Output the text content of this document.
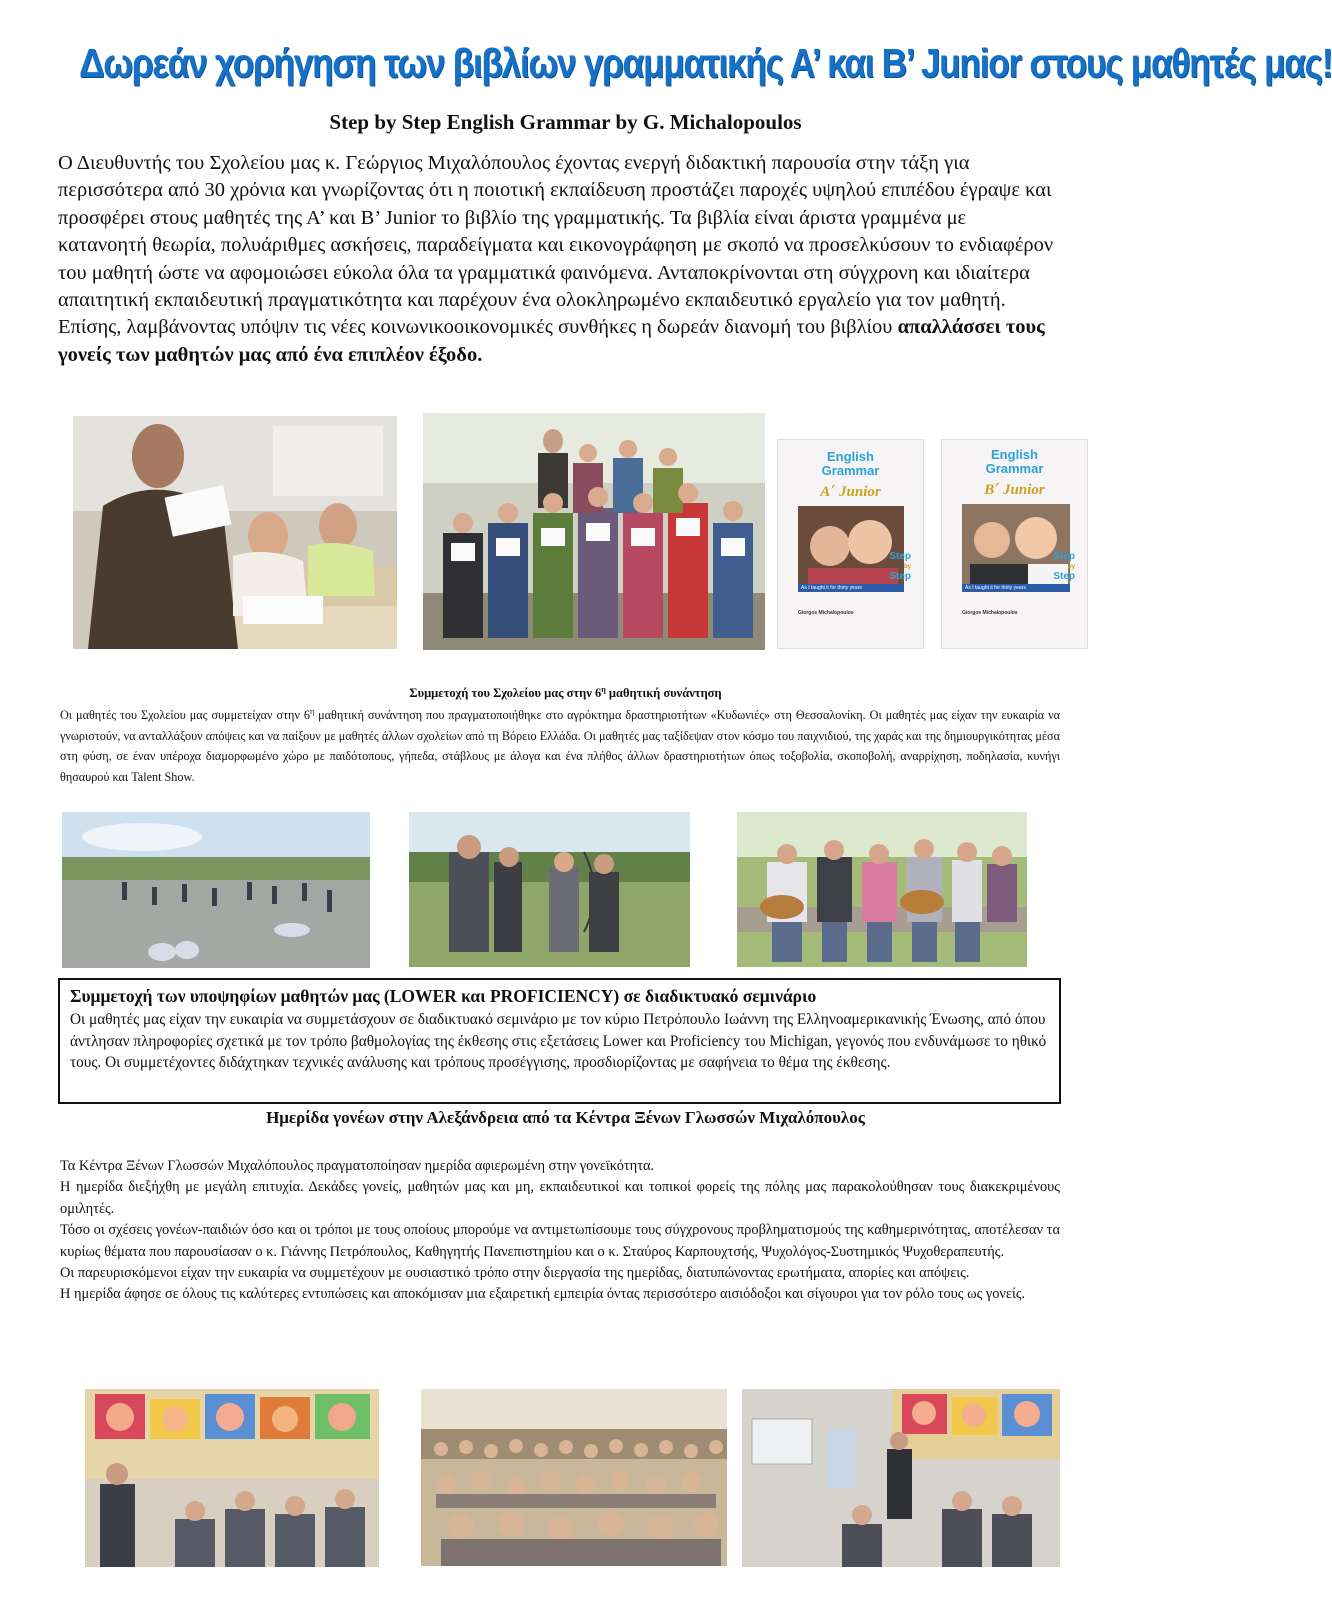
Δωρεάν χορήγηση των βιβλίων γραμματικής Α’ και Β’ Junior στους μαθητές μας!
Step by Step English Grammar by G. Michalopoulos
Ο Διευθυντής του Σχολείου μας κ. Γεώργιος Μιχαλόπουλος έχοντας ενεργή διδακτική παρουσία στην τάξη για περισσότερα από 30 χρόνια και γνωρίζοντας ότι η ποιοτική εκπαίδευση προστάζει παροχές υψηλού επιπέδου έγραψε και προσφέρει στους μαθητές της Α’ και Β’ Junior το βιβλίο της γραμματικής. Τα βιβλία είναι άριστα γραμμένα με κατανοητή θεωρία, πολυάριθμες ασκήσεις, παραδείγματα και εικονογράφηση με σκοπό να προσελκύσουν το ενδιαφέρον του μαθητή ώστε να αφομοιώσει εύκολα όλα τα γραμματικά φαινόμενα. Ανταποκρίνονται στη σύγχρονη και ιδιαίτερα απαιτητική εκπαιδευτική πραγματικότητα και παρέχουν ένα ολοκληρωμένο εκπαιδευτικό εργαλείο για τον μαθητή. Επίσης, λαμβάνοντας υπόψιν τις νέες κοινωνικοοικονομικές συνθήκες η δωρεάν διανομή του βιβλίου απαλλάσσει τους γονείς των μαθητών μας από ένα επιπλέον έξοδο.
English
Grammar
A΄ Junior
As I taught it for thirty years
Step
by
Step
Giorgos Michalopoulos
English
Grammar
B΄ Junior
As I taught it for thirty years
Step
by
Step
Giorgos Michalopoulos
Συμμετοχή του Σχολείου μας στην $6^\eta$ μαθητική συνάντηση
Οι μαθητές του Σχολείου μας συμμετείχαν στην $6^\eta$ μαθητική συνάντηση που πραγματοποιήθηκε στο αγρόκτημα δραστηριοτήτων «Κυδωνιές» στη Θεσσαλονίκη. Οι μαθητές μας είχαν την ευκαιρία να γνωριστούν, να ανταλλάξουν απόψεις και να παίξουν με μαθητές άλλων σχολείων από τη Βόρειο Ελλάδα. Οι μαθητές μας ταξίδεψαν στον κόσμο του παιχνιδιού, της χαράς και της δημιουργικότητας μέσα στη φύση, σε έναν υπέροχα διαμορφωμένο χώρο με παιδότοπους, γήπεδα, στάβλους με άλογα και ένα πλήθος άλλων δραστηριοτήτων όπως τοξοβολία, σκοποβολή, αναρρίχηση, ποδηλασία, κυνήγι θησαυρού και Talent Show.
Συμμετοχή των υποψηφίων μαθητών μας (LOWER και PROFICIENCY) σε διαδικτυακό σεμινάριο

Οι μαθητές μας είχαν την ευκαιρία να συμμετάσχουν σε διαδικτυακό σεμινάριο με τον κύριο Πετρόπουλο Ιωάννη της Ελληνοαμερικανικής Ένωσης, από όπου άντλησαν πληροφορίες σχετικά με τον τρόπο βαθμολογίας της έκθεσης στις εξετάσεις Lower και Proficiency του Michigan, γεγονός που ενδυνάμωσε το ηθικό τους. Οι συμμετέχοντες διδάχτηκαν τεχνικές ανάλυσης και τρόπους προσέγγισης, προσδιορίζοντας με σαφήνεια το θέμα της έκθεσης.

Ημερίδα γονέων στην Αλεξάνδρεια από τα Κέντρα Ξένων Γλωσσών Μιχαλόπουλος

Τα Κέντρα Ξένων Γλωσσών Μιχαλόπουλος πραγματοποίησαν ημερίδα αφιερωμένη στην γονεϊκότητα.

Η ημερίδα διεξήχθη με μεγάλη επιτυχία. Δεκάδες γονείς, μαθητών μας και μη, εκπαιδευτικοί και τοπικοί φορείς της πόλης μας παρακολούθησαν τους διακεκριμένους ομιλητές.

Τόσο οι σχέσεις γονέων-παιδιών όσο και οι τρόποι με τους οποίους μπορούμε να αντιμετωπίσουμε τους σύγχρονους προβληματισμούς της καθημερινότητας, αποτέλεσαν τα κυρίως θέματα που παρουσίασαν ο κ. Γιάννης Πετρόπουλος, Καθηγητής Πανεπιστημίου και ο κ. Σταύρος Καρπουχτσής, Ψυχολόγος-Συστημικός Ψυχοθεραπευτής.

Οι παρευρισκόμενοι είχαν την ευκαιρία να συμμετέχουν με ουσιαστικό τρόπο στην διεργασία της ημερίδας, διατυπώνοντας ερωτήματα, απορίες και απόψεις.

Η ημερίδα άφησε σε όλους τις καλύτερες εντυπώσεις και αποκόμισαν μια εξαιρετική εμπειρία όντας περισσότερο αισιόδοξοι και σίγουροι για τον ρόλο τους ως γονείς.
